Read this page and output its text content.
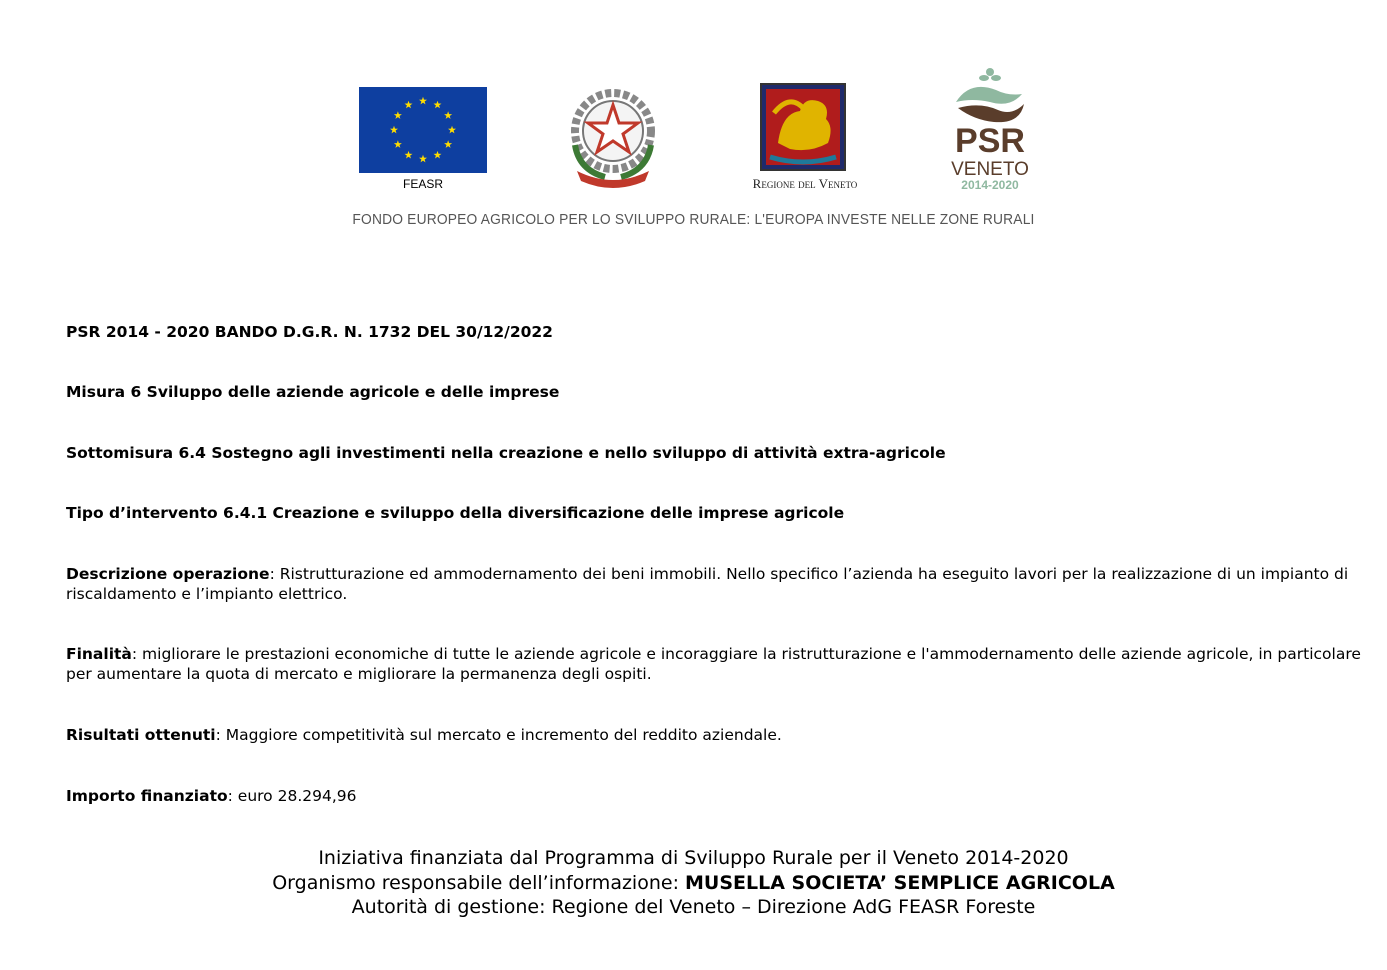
FEASR	Regione del Veneto
PSR
VENETO
2014-2020
FONDO EUROPEO AGRICOLO PER LO SVILUPPO RURALE: L'EUROPA INVESTE NELLE ZONE RURALI
PSR 2014 - 2020 BANDO D.G.R. N. 1732 DEL 30/12/2022
Misura 6 Sviluppo delle aziende agricole e delle imprese
Sottomisura 6.4 Sostegno agli investimenti nella creazione e nello sviluppo di attività extra-agricole
Tipo d’intervento 6.4.1 Creazione e sviluppo della diversificazione delle imprese agricole
Descrizione operazione: Ristrutturazione ed ammodernamento dei beni immobili. Nello specifico l’azienda ha eseguito lavori per la realizzazione di un impianto di riscaldamento e l’impianto elettrico.
Finalità: migliorare le prestazioni economiche di tutte le aziende agricole e incoraggiare la ristrutturazione e l'ammodernamento delle aziende agricole, in particolare per aumentare la quota di mercato e migliorare la permanenza degli ospiti.
Risultati ottenuti: Maggiore competitività sul mercato e incremento del reddito aziendale.
Importo finanziato: euro 28.294,96
Iniziativa finanziata dal Programma di Sviluppo Rurale per il Veneto 2014-2020
Organismo responsabile dell’informazione: MUSELLA SOCIETA’ SEMPLICE AGRICOLA
Autorità di gestione: Regione del Veneto – Direzione AdG FEASR Foreste
